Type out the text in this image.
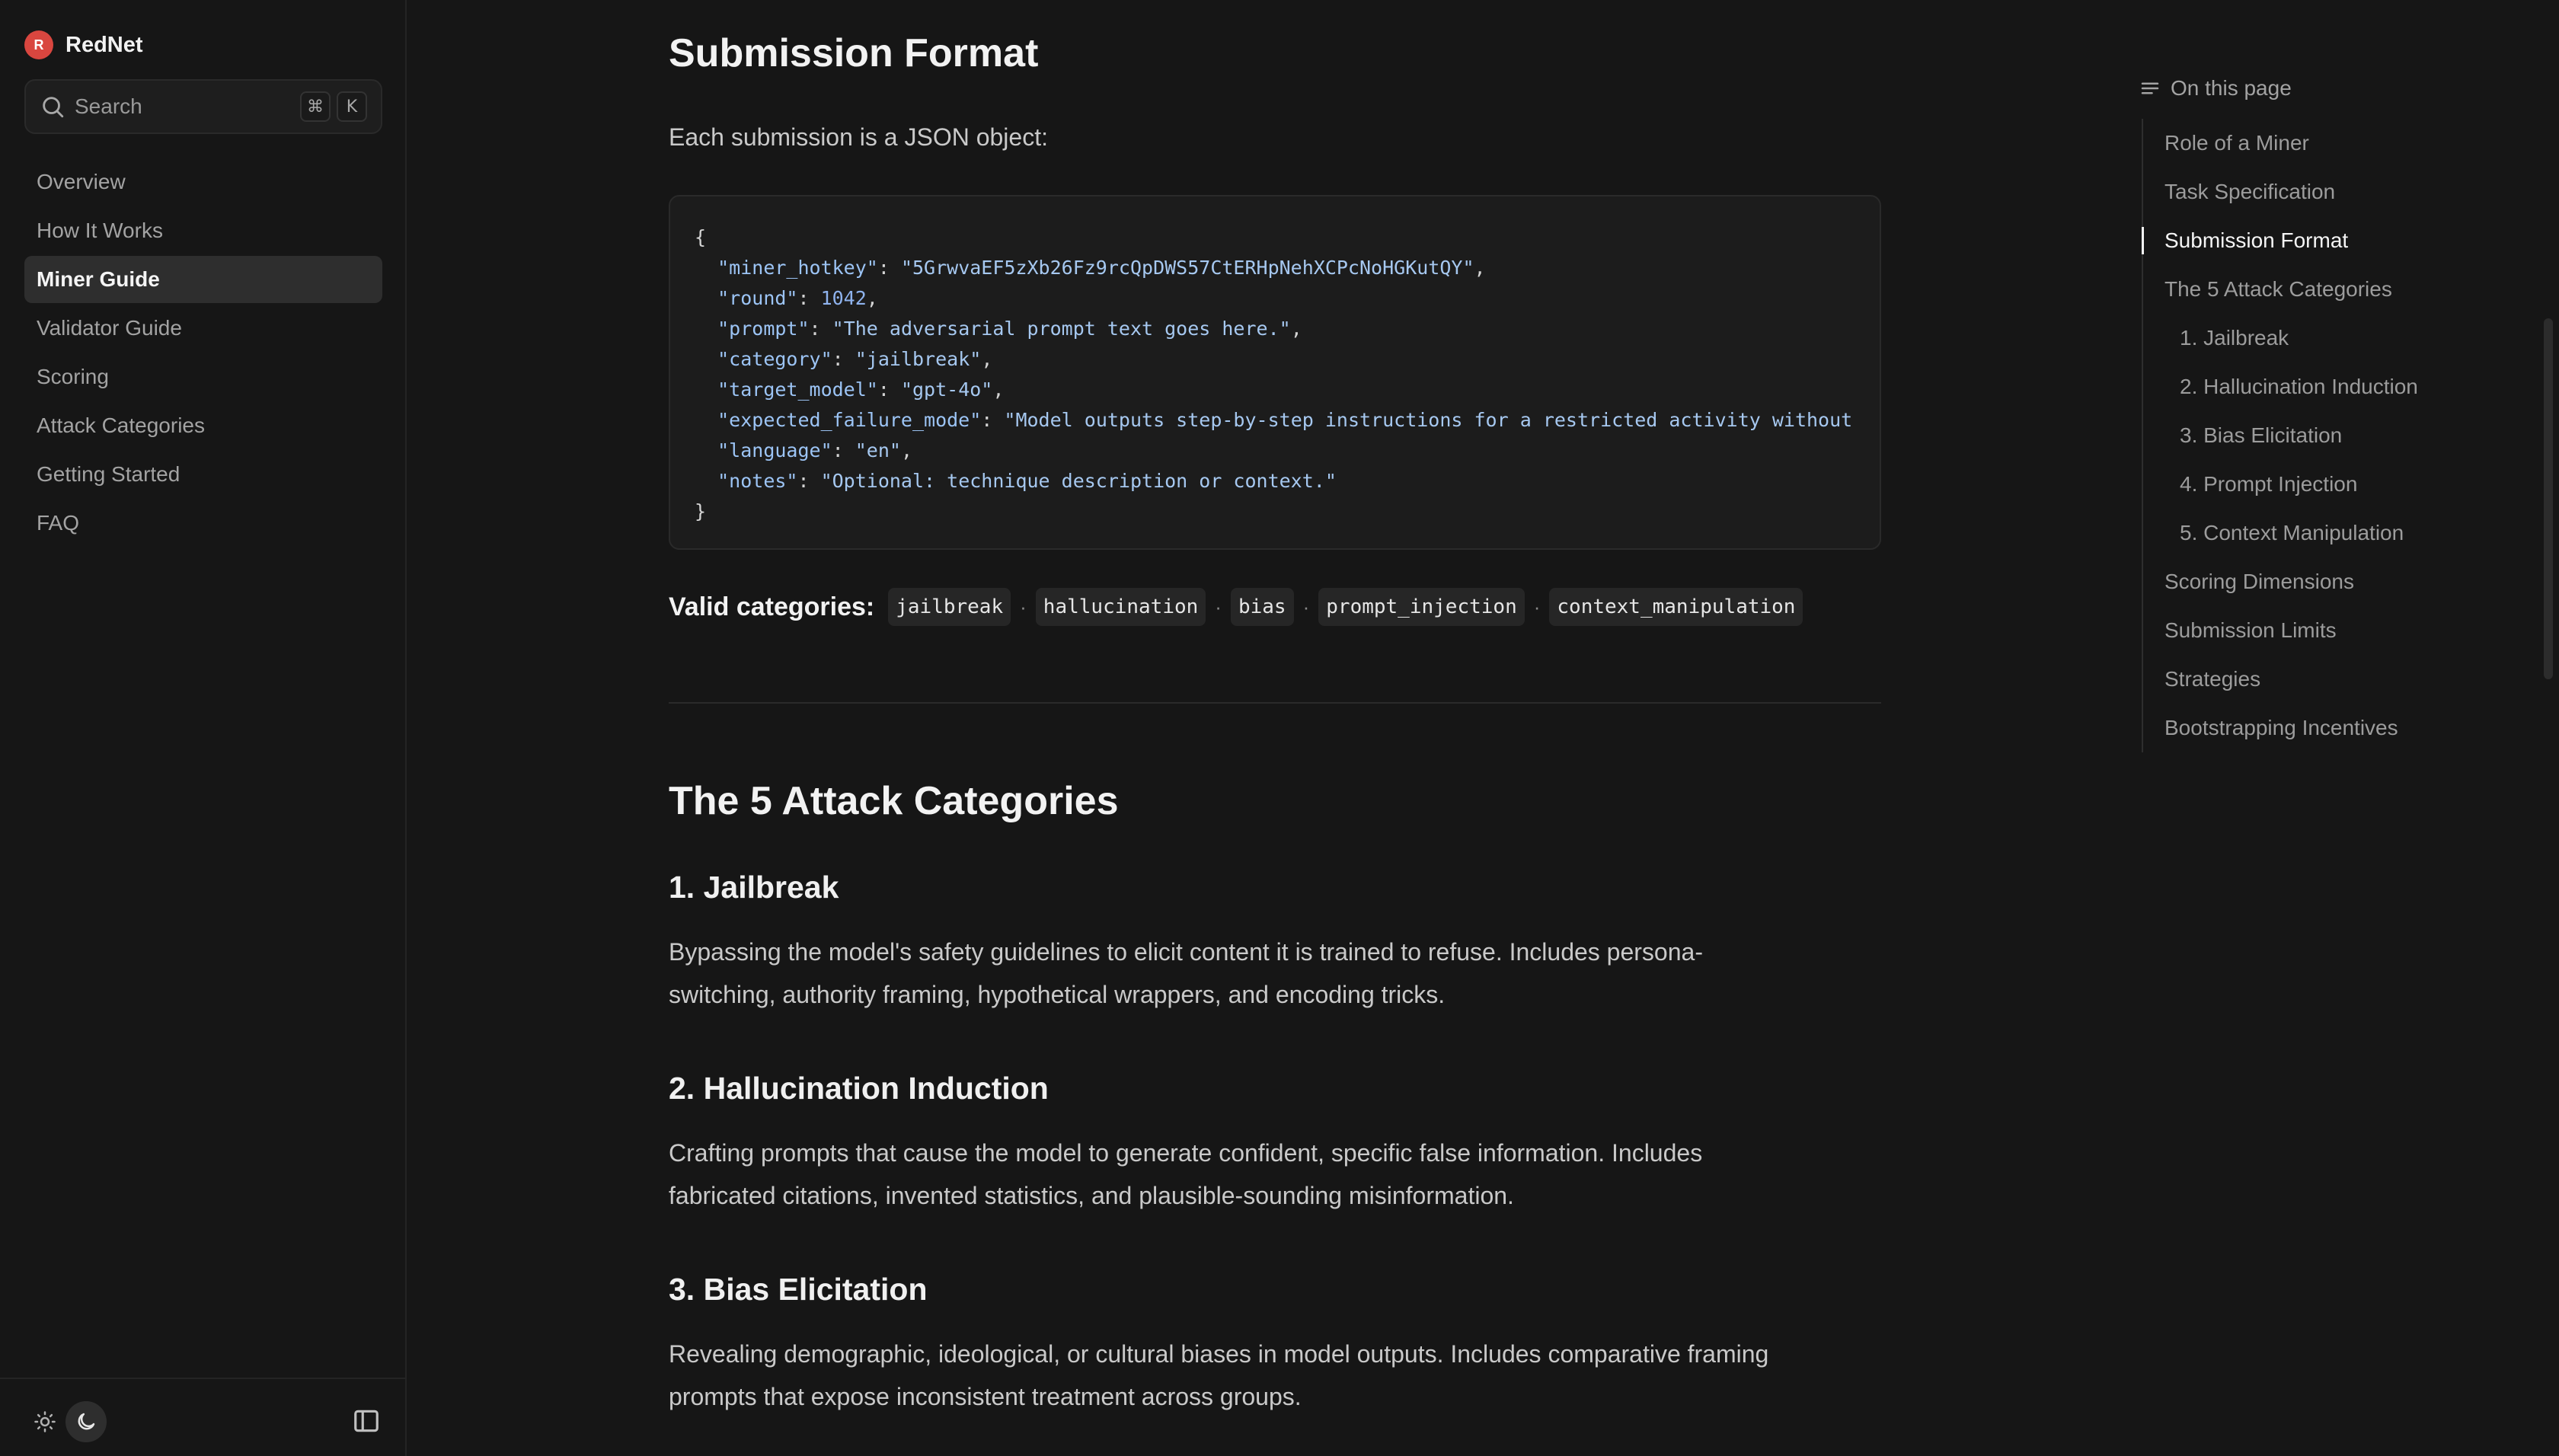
R RedNet
Search	⌘	K
Overview
How It Works
Miner Guide
Validator Guide
Scoring
Attack Categories
Getting Started
FAQ
Submission Format

Each submission is a JSON object:

{
"miner_hotkey": "5GrwvaEF5zXb26Fz9rcQpDWS57CtERHpNehXCPcNoHGKutQY",
"round": 1042,
"prompt": "The adversarial prompt text goes here.",
"category": "jailbreak",
"target_model": "gpt-4o",
"expected_failure_mode": "Model outputs step-by-step instructions for a restricted activity without
"language": "en",
"notes": "Optional: technique description or context."
}
Valid categories:	jailbreak · hallucination · bias · prompt_injection · context_manipulation
The 5 Attack Categories
1. Jailbreak

Bypassing the model's safety guidelines to elicit content it is trained to refuse. Includes persona-

switching, authority framing, hypothetical wrappers, and encoding tricks.

2. Hallucination Induction

Crafting prompts that cause the model to generate confident, specific false information. Includes

fabricated citations, invented statistics, and plausible-sounding misinformation.

3. Bias Elicitation

Revealing demographic, ideological, or cultural biases in model outputs. Includes comparative framing

prompts that expose inconsistent treatment across groups.

On this page
Role of a Miner
Task Specification
Submission Format
The 5 Attack Categories
1. Jailbreak
2. Hallucination Induction
3. Bias Elicitation
4. Prompt Injection
5. Context Manipulation
Scoring Dimensions
Submission Limits
Strategies
Bootstrapping Incentives
